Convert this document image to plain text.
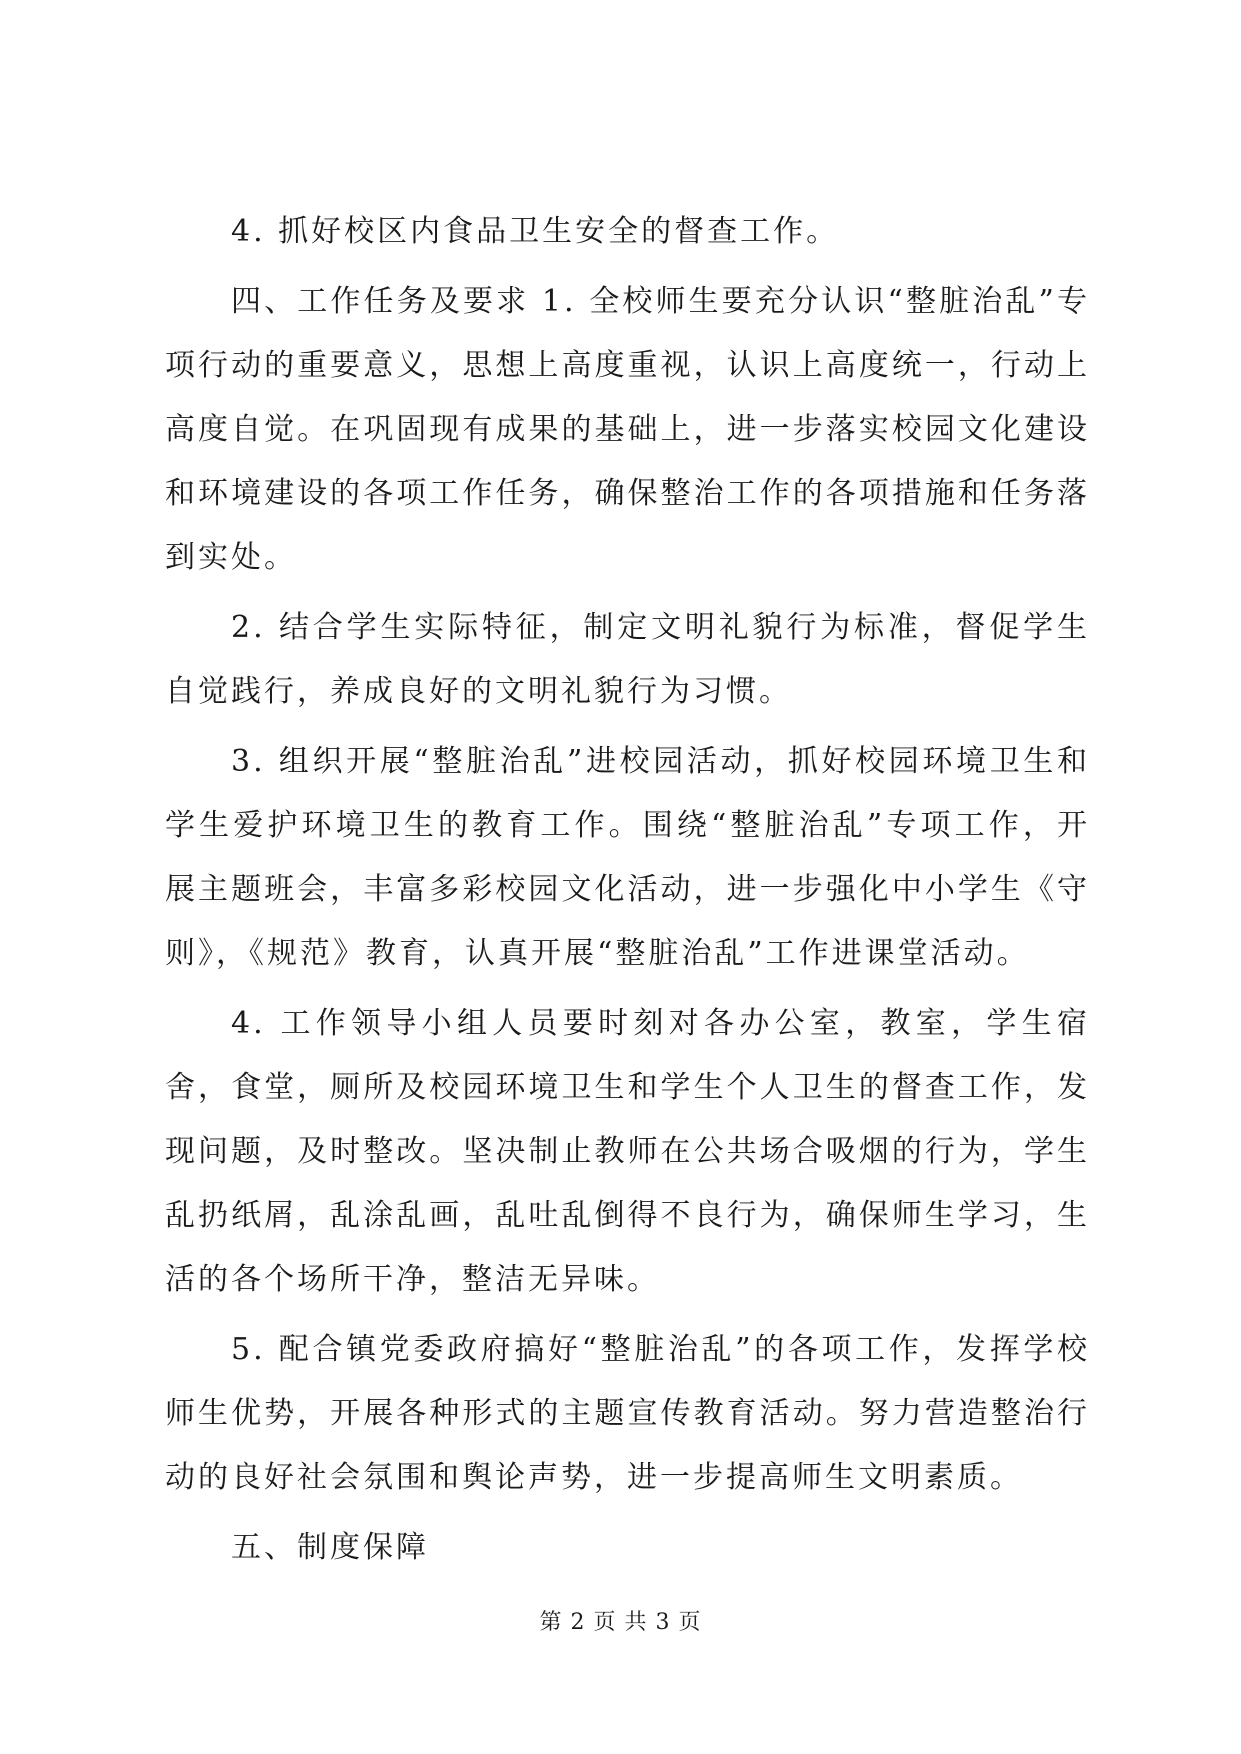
4. 抓好校区内食品卫生安全的督查工作。

四、工作任务及要求 1. 全校师生要充分认识“整脏治乱”专项行动的重要意义，思想上高度重视，认识上高度统一，行动上高度自觉。在巩固现有成果的基础上，进一步落实校园文化建设和环境建设的各项工作任务，确保整治工作的各项措施和任务落到实处。

2. 结合学生实际特征，制定文明礼貌行为标准，督促学生自觉践行，养成良好的文明礼貌行为习惯。

3. 组织开展“整脏治乱”进校园活动，抓好校园环境卫生和学生爱护环境卫生的教育工作。围绕“整脏治乱”专项工作，开展主题班会，丰富多彩校园文化活动，进一步强化中小学生《守则》，《规范》教育，认真开展“整脏治乱”工作进课堂活动。

4. 工作领导小组人员要时刻对各办公室，教室，学生宿舍，食堂，厕所及校园环境卫生和学生个人卫生的督查工作，发现问题，及时整改。坚决制止教师在公共场合吸烟的行为，学生乱扔纸屑，乱涂乱画，乱吐乱倒得不良行为，确保师生学习，生活的各个场所干净，整洁无异味。

5. 配合镇党委政府搞好“整脏治乱”的各项工作，发挥学校师生优势，开展各种形式的主题宣传教育活动。努力营造整治行动的良好社会氛围和舆论声势，进一步提高师生文明素质。

五、制度保障

第 2 页 共 3 页
